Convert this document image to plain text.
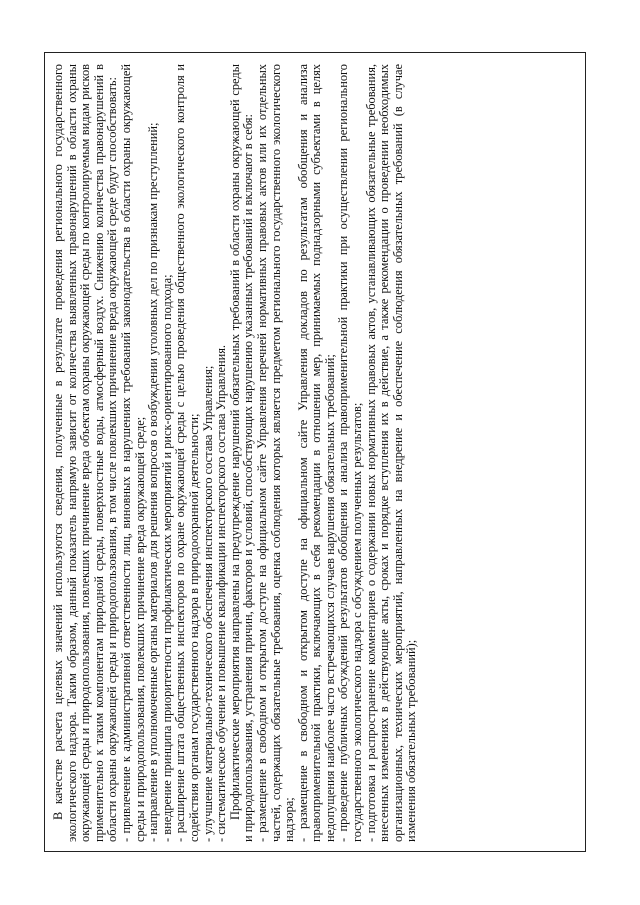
В качестве расчета целевых значений используются сведения, полученные в результате проведения регионального государственного экологического надзора. Таким образом, данный показатель напрямую зависит от количества выявленных правонарушений в области охраны окружающей среды и природопользования, повлекших причинение вреда объектам охраны окружающей среды по контролируемым видам рисков применительно к таким компонентам природной среды, поверхностные воды, атмосферный воздух. Снижению количества правонарушений в области охраны окружающей среды и природопользования, в том числе повлекших причинение вреда окружающей среде будут способствовать: - привлечение к административной ответственности лиц, виновных в нарушениях требований законодательства в области охраны окружающей среды и природопользования, повлекших причинение вреда окружающей среде; - направление в уполномоченные органы материалов для решения вопросов о возбуждении уголовных дел по признакам преступлений; - внедрение принципа приоритетности профилактических мероприятий и риск-ориентированного подхода; - расширение штата общественных инспекторов по охране окружающей среды с целью проведения общественного экологического контроля и содействия органам государственного надзора в природоохранной деятельности; - улучшение материально-технического обеспечения инспекторского состава Управления; - систематическое обучение и повышение квалификации инспекторского состава Управления. Профилактические мероприятия направлены на предупреждение нарушений обязательных требований в области охраны окружающей среды и природопользования, устранения причин, факторов и условий, способствующих нарушению указанных требований и включают в себя: - размещение в свободном и открытом доступе на официальном сайте Управления перечней нормативных правовых актов или их отдельных частей, содержащих обязательные требования, оценка соблюдения которых является предметом регионального государственного экологического надзора; - размещение в свободном и открытом доступе на официальном сайте Управления докладов по результатам обобщения и анализа правоприменительной практики, включающих в себя рекомендации в отношении мер, принимаемых поднадзорными субъектами в целях недопущения наиболее часто встречающихся случаев нарушения обязательных требований; - проведение публичных обсуждений результатов обобщения и анализа правоприменительной практики при осуществлении регионального государственного экологического надзора с обсуждением полученных результатов; - подготовка и распространение комментариев о содержании новых нормативных правовых актов, устанавливающих обязательные требования, внесенных изменениях в действующие акты, сроках и порядке вступления их в действие, а также рекомендации о проведении необходимых организационных, технических мероприятий, направленных на внедрение и обеспечение соблюдения обязательных требований (в случае изменения обязательных требований);
